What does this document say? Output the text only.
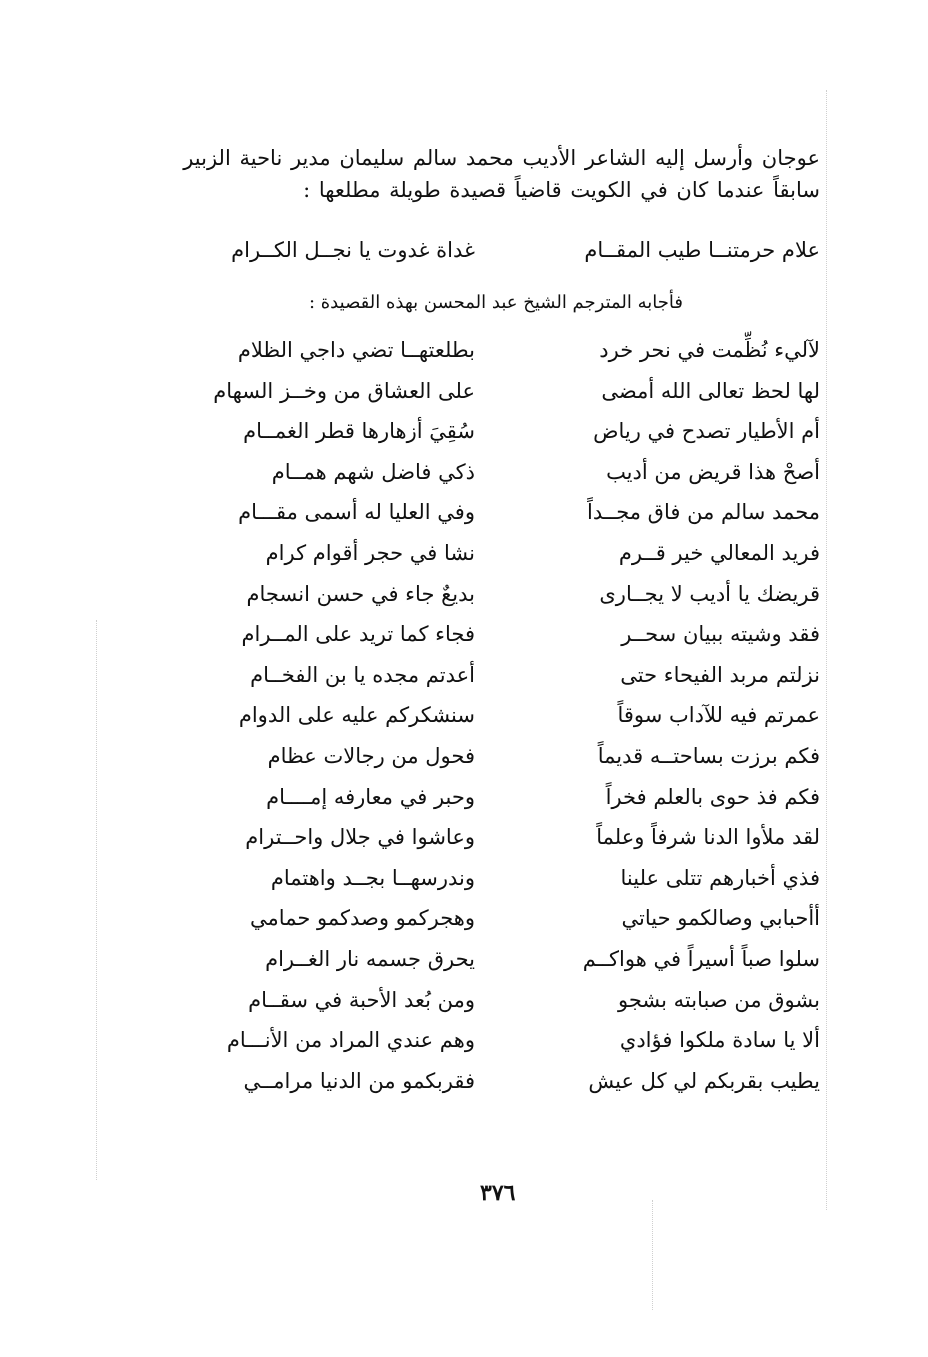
عوجان وأرسل إليه الشاعر الأديب محمد سالم سليمان مدير ناحية الزبير

سابقاً عندما كان في الكويت قاضياً قصيدة طويلة مطلعها :

علام حرمتنــا طيب المقــام
غداة غدوت يا نجــل الكــرام
فأجابه المترجم الشيخ عبد المحسن بهذه القصيدة :
لآليء نُظِّمت في نحر خرد
بطلعتهــا تضي داجي الظلام
لها لحظ تعالى الله أمضى
على العشاق من وخــز السهام
أم الأطيار تصدح في رياض
سُقِيَ أزهارها قطر الغمــام
أصحْ هذا قريض من أديب
ذكي فاضل شهم همــام
محمد سالم من فاق مجــداً
وفي العليا له أسمى مقـــام
فريد المعالي خير قــرم
نشا في حجر أقوام كرام
قريضك يا أديب لا يجــارى
بديعٌ جاء في حسن انسجام
فقد وشيته ببيان سحــر
فجاء كما تريد على المــرام
نزلتم مربد الفيحاء حتى
أعدتم مجده يا بن الفخــام
عمرتم فيه للآداب سوقاً
سنشكركم عليه على الدوام
فكم برزت بساحتــه قديماً
فحول من رجالات عظام
فكم فذ حوى بالعلم فخراً
وحبر في معارفه إمــــام
لقد ملأوا الدنا شرفاً وعلماً
وعاشوا في جلال واحــترام
فذي أخبارهم تتلى علينا
وندرسهــا بجــد واهتمام
أأحبابي وصالكمو حياتي
وهجركمو وصدكمو حمامي
سلوا صباً أسيراً في هواكــم
يحرق جسمه نار الغــرام
بشوق من صبابته بشجو
ومن بُعد الأحبة في سقــام
ألا يا سادة ملكوا فؤادي
وهم عندي المراد من الأنـــام
يطيب بقربكم لي كل عيش
فقربكمو من الدنيا مرامــي
٣٧٦
